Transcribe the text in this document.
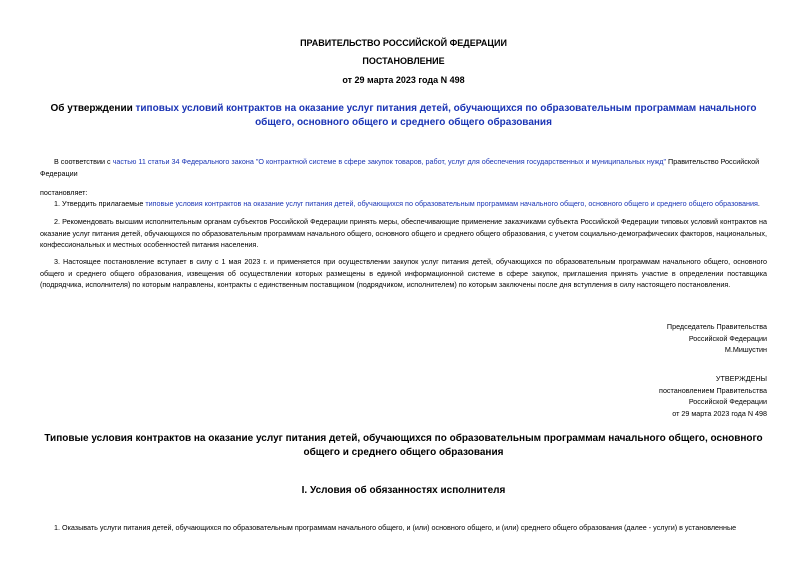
ПРАВИТЕЛЬСТВО РОССИЙСКОЙ ФЕДЕРАЦИИ
ПОСТАНОВЛЕНИЕ
от 29 марта 2023 года N 498
Об утверждении типовых условий контрактов на оказание услуг питания детей, обучающихся по образовательным программам начального общего, основного общего и среднего общего образования
В соответствии с частью 11 статьи 34 Федерального закона "О контрактной системе в сфере закупок товаров, работ, услуг для обеспечения государственных и муниципальных нужд" Правительство Российской Федерации
постановляет:
1. Утвердить прилагаемые типовые условия контрактов на оказание услуг питания детей, обучающихся по образовательным программам начального общего, основного общего и среднего общего образования.
2. Рекомендовать высшим исполнительным органам субъектов Российской Федерации принять меры, обеспечивающие применение заказчиками субъекта Российской Федерации типовых условий контрактов на оказание услуг питания детей, обучающихся по образовательным программам начального общего, основного общего и среднего общего образования, с учетом социально-демографических факторов, национальных, конфессиональных и местных особенностей питания населения.
3. Настоящее постановление вступает в силу с 1 мая 2023 г. и применяется при осуществлении закупок услуг питания детей, обучающихся по образовательным программам начального общего, основного общего и среднего общего образования, извещения об осуществлении которых размещены в единой информационной системе в сфере закупок, приглашения принять участие в определении поставщика (подрядчика, исполнителя) по которым направлены, контракты с единственным поставщиком (подрядчиком, исполнителем) по которым заключены после дня вступления в силу настоящего постановления.
Председатель Правительства
Российской Федерации
М.Мишустин
УТВЕРЖДЕНЫ
постановлением Правительства
Российской Федерации
от 29 марта 2023 года N 498
Типовые условия контрактов на оказание услуг питания детей, обучающихся по образовательным программам начального общего, основного общего и среднего общего образования
I. Условия об обязанностях исполнителя
1. Оказывать услуги питания детей, обучающихся по образовательным программам начального общего, и (или) основного общего, и (или) среднего общего образования (далее - услуги) в установленные
